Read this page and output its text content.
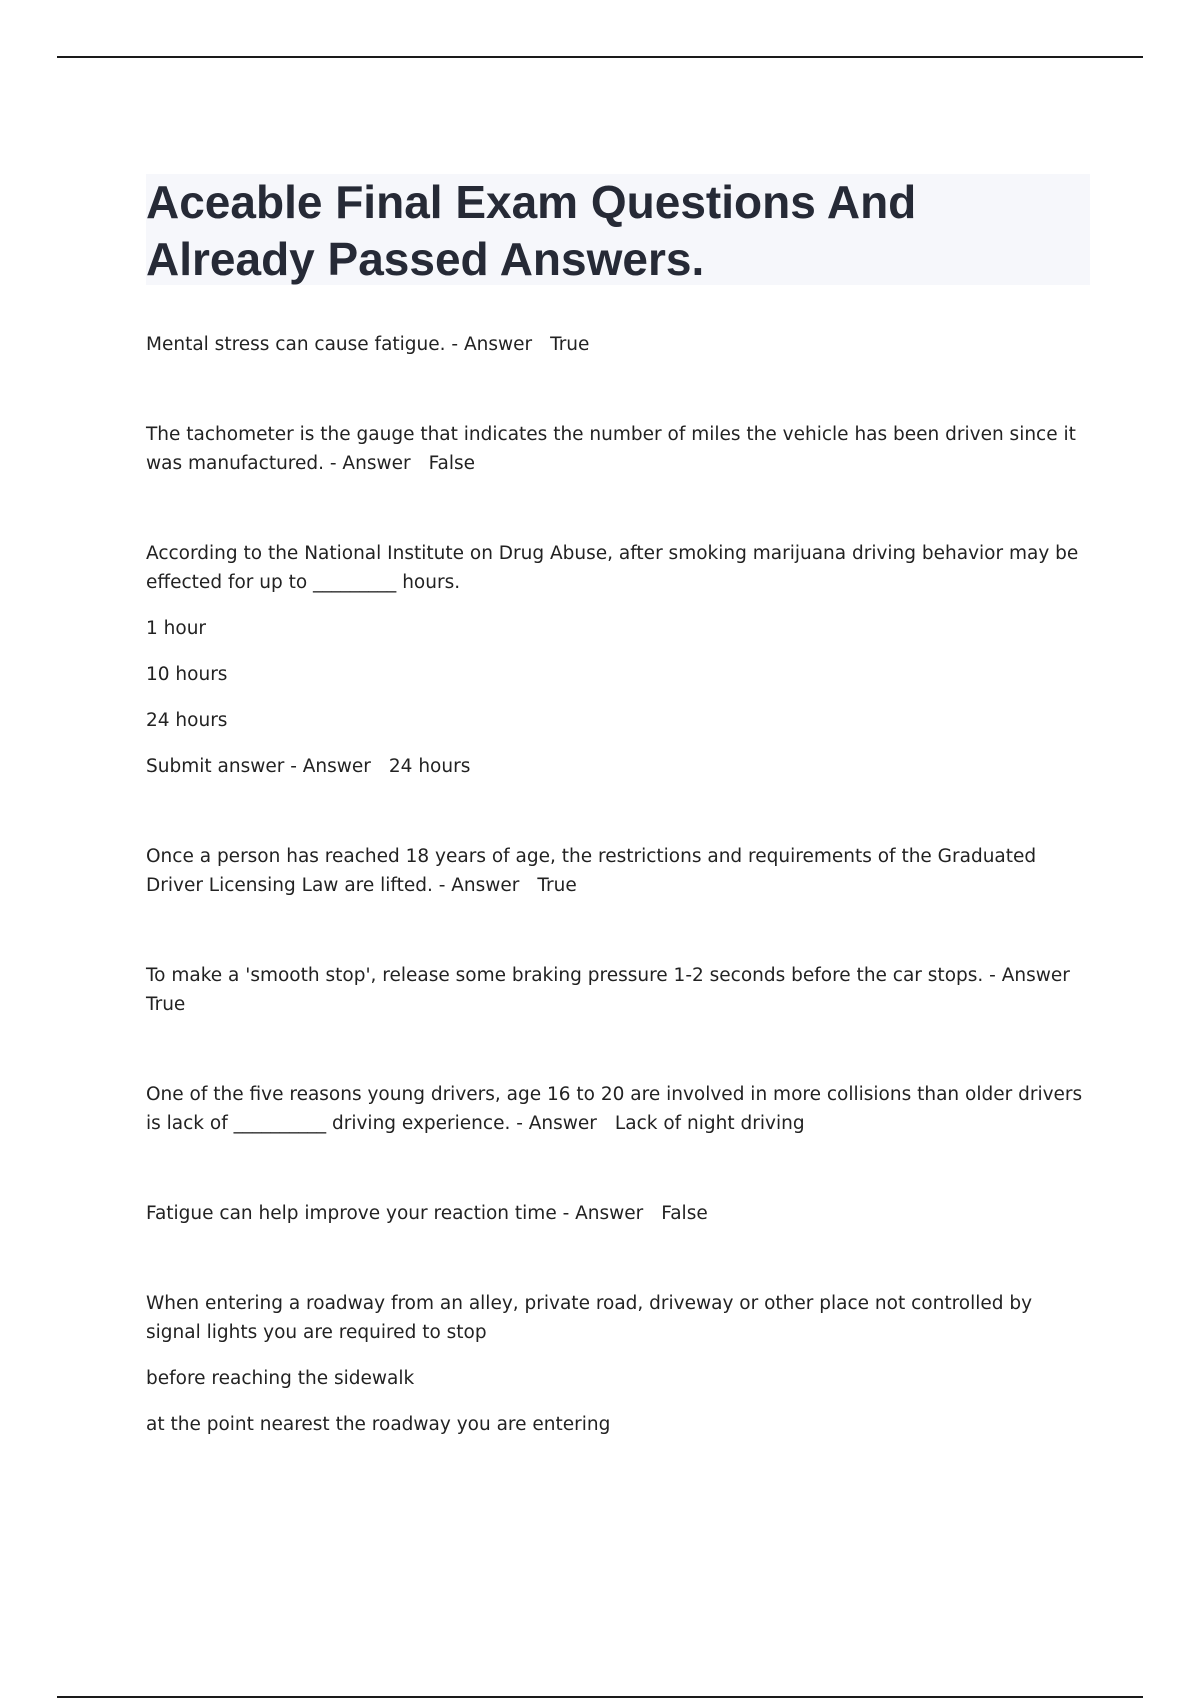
Aceable Final Exam Questions And Already Passed Answers.

Mental stress can cause fatigue. - Answer True

The tachometer is the gauge that indicates the number of miles the vehicle has been driven since it was manufactured. - Answer False

According to the National Institute on Drug Abuse, after smoking marijuana driving behavior may be effected for up to _________ hours.

1 hour

10 hours

24 hours

Submit answer - Answer 24 hours

Once a person has reached 18 years of age, the restrictions and requirements of the Graduated Driver Licensing Law are lifted. - Answer True

To make a 'smooth stop', release some braking pressure 1-2 seconds before the car stops. - Answer True

One of the five reasons young drivers, age 16 to 20 are involved in more collisions than older drivers is lack of __________ driving experience. - Answer Lack of night driving

Fatigue can help improve your reaction time - Answer False

When entering a roadway from an alley, private road, driveway or other place not controlled by signal lights you are required to stop

before reaching the sidewalk

at the point nearest the roadway you are entering
